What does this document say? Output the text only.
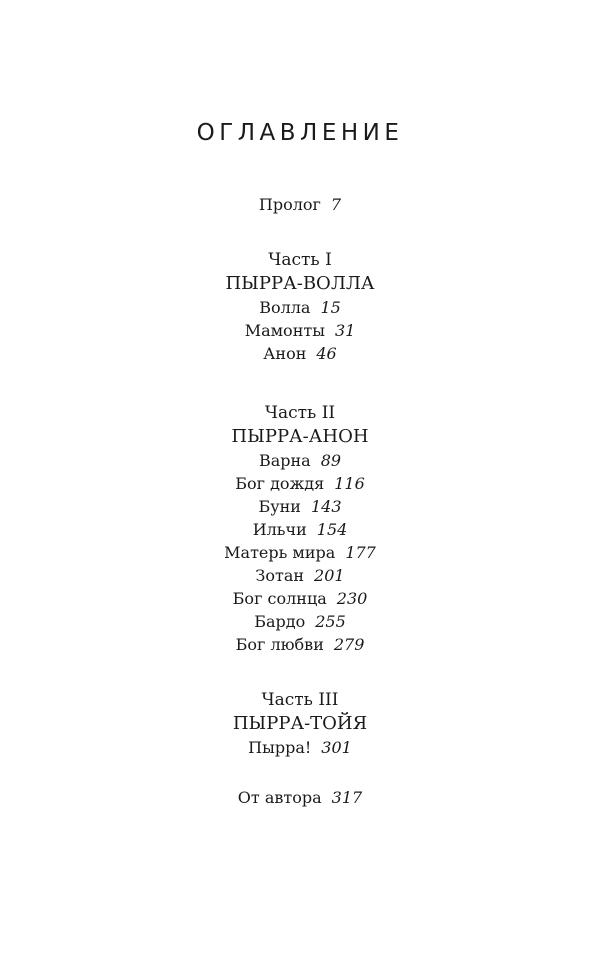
ОГЛАВЛЕНИЕ
Пролог 7
Часть I
ПЫРРА-ВОЛЛА
Волла 15
Мамонты 31
Анон 46
Часть II
ПЫРРА-АНОН
Варна 89
Бог дождя 116
Буни 143
Ильчи 154
Матерь мира 177
Зотан 201
Бог солнца 230
Бардо 255
Бог любви 279
Часть III
ПЫРРА-ТОЙЯ
Пырра! 301
От автора 317
